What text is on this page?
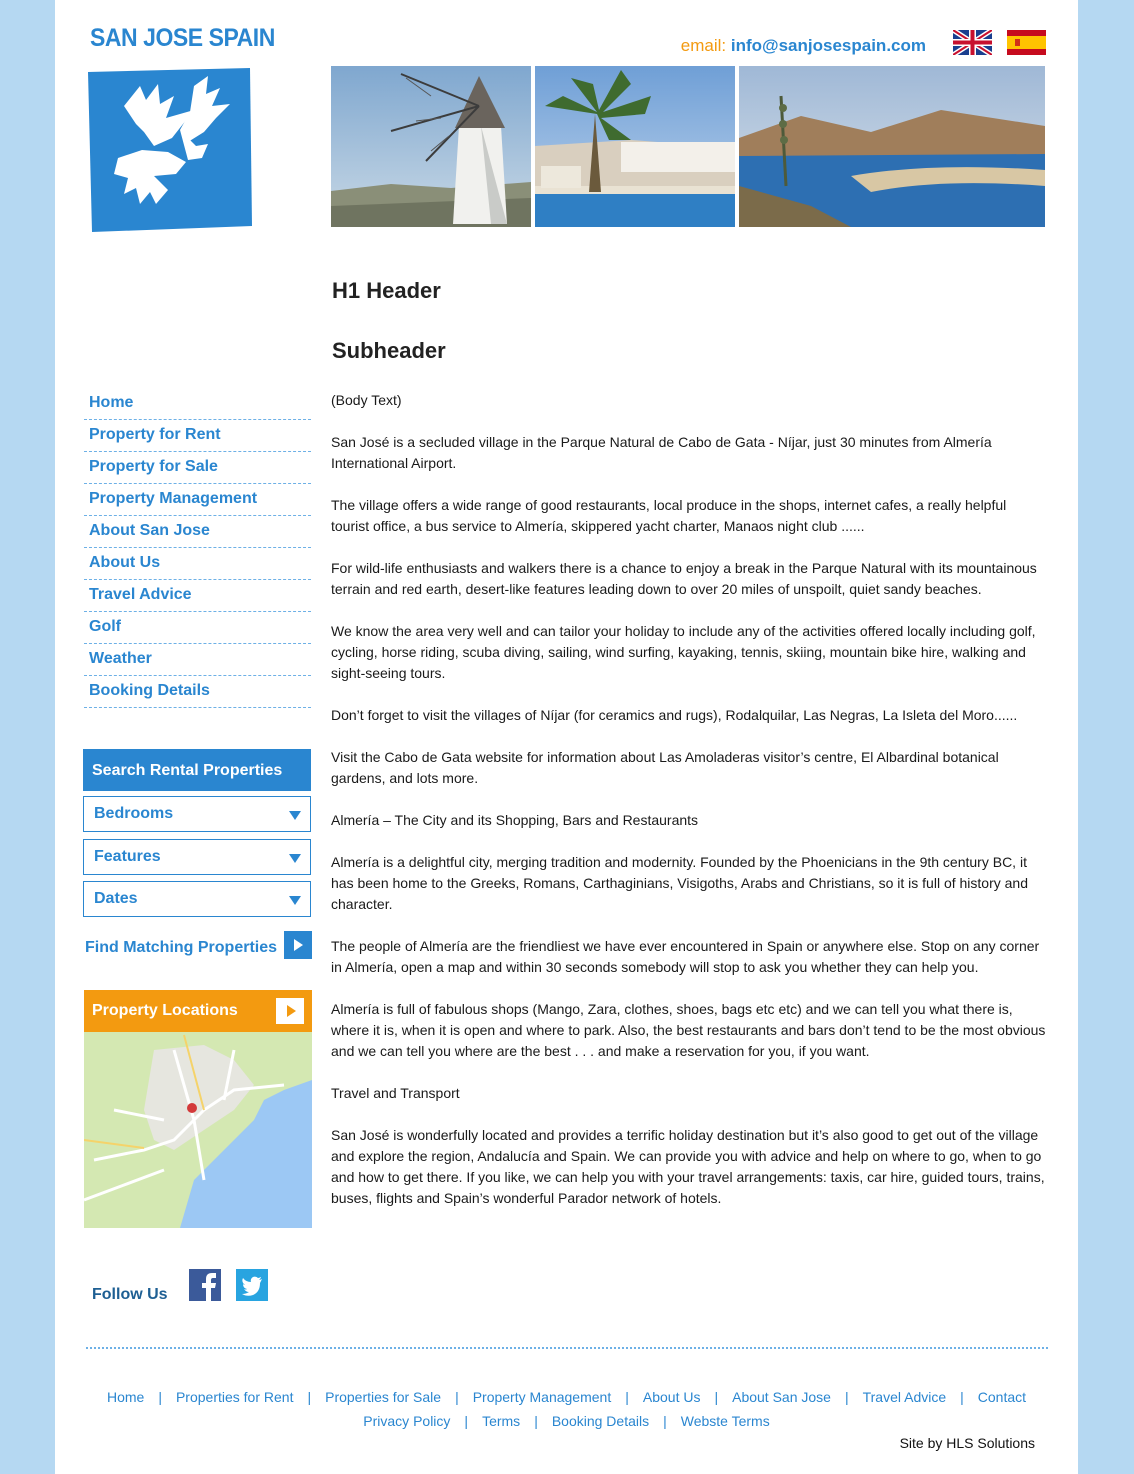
SAN JOSE SPAIN	email: info@sanjosespain.com
H1 Header
Subheader

(Body Text)

San José is a secluded village in the Parque Natural de Cabo de Gata - Níjar, just 30 minutes from Almería International Airport.

The village offers a wide range of good restaurants, local produce in the shops, internet cafes, a really helpful tourist office, a bus service to Almería, skippered yacht charter, Manaos night club ......

For wild-life enthusiasts and walkers there is a chance to enjoy a break in the Parque Natural with its mountainous terrain and red earth, desert-like features leading down to over 20 miles of unspoilt, quiet sandy beaches.

We know the area very well and can tailor your holiday to include any of the activities offered locally including golf, cycling, horse riding, scuba diving, sailing, wind surfing, kayaking, tennis, skiing, mountain bike hire, walking and sight-seeing tours.

Don’t forget to visit the villages of Níjar (for ceramics and rugs), Rodalquilar, Las Negras, La Isleta del Moro......

Visit the Cabo de Gata website for information about Las Amoladeras visitor’s centre, El Albardinal botanical gardens, and lots more.

Almería – The City and its Shopping, Bars and Restaurants

Almería is a delightful city, merging tradition and modernity. Founded by the Phoenicians in the 9th century BC, it has been home to the Greeks, Romans, Carthaginians, Visigoths, Arabs and Christians, so it is full of history and character.

The people of Almería are the friendliest we have ever encountered in Spain or anywhere else. Stop on any corner in Almería, open a map and within 30 seconds somebody will stop to ask you whether they can help you.

Almería is full of fabulous shops (Mango, Zara, clothes, shoes, bags etc etc) and we can tell you what there is, where it is, when it is open and where to park. Also, the best restaurants and bars don’t tend to be the most obvious and we can tell you where are the best . . . and make a reservation for you, if you want.

Travel and Transport

San José is wonderfully located and provides a terrific holiday destination but it’s also good to get out of the village and explore the region, Andalucía and Spain. We can provide you with advice and help on where to go, when to go and how to get there. If you like, we can help you with your travel arrangements: taxis, car hire, guided tours, trains, buses, flights and Spain’s wonderful Parador network of hotels.

Home
Property for Rent
Property for Sale
Property Management
About San Jose
About Us
Travel Advice
Golf
Weather
Booking Details
Search Rental Properties
Bedrooms
Features
Dates
Find Matching Properties
Property Locations
Follow Us
Home | Properties for Rent | Properties for Sale | Property Management | About Us | About San Jose | Travel Advice | Contact
Privacy Policy | Terms | Booking Details | Webste Terms
Site by HLS Solutions
